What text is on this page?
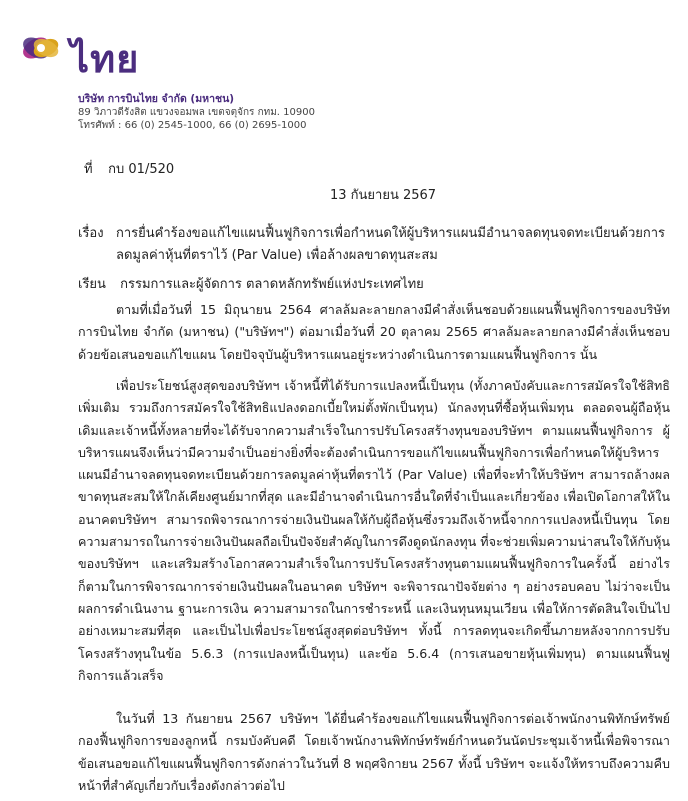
ไทย
บริษัท การบินไทย จำกัด (มหาชน)
89 วิภาวดีรังสิต แขวงจอมพล เขตจตุจักร กทม. 10900
โทรศัพท์ : 66 (0) 2545-1000, 66 (0) 2695-1000
ที่ กบ 01/520
13 กันยายน 2567
เรื่อง การยื่นคำร้องขอแก้ไขแผนฟื้นฟูกิจการเพื่อกำหนดให้ผู้บริหารแผนมีอำนาจลดทุนจดทะเบียนด้วยการลดมูลค่าหุ้นที่ตราไว้ (Par Value) เพื่อล้างผลขาดทุนสะสม
เรียน กรรมการและผู้จัดการ ตลาดหลักทรัพย์แห่งประเทศไทย
ตามที่เมื่อวันที่ 15 มิถุนายน 2564 ศาลล้มละลายกลางมีคำสั่งเห็นชอบด้วยแผนฟื้นฟูกิจการของบริษัท การบินไทย จำกัด (มหาชน) ("บริษัทฯ") ต่อมาเมื่อวันที่ 20 ตุลาคม 2565 ศาลล้มละลายกลางมีคำสั่งเห็นชอบด้วยข้อเสนอขอแก้ไขแผน โดยปัจจุบันผู้บริหารแผนอยู่ระหว่างดำเนินการตามแผนฟื้นฟูกิจการ นั้น
เพื่อประโยชน์สูงสุดของบริษัทฯ เจ้าหนี้ที่ได้รับการแปลงหนี้เป็นทุน (ทั้งภาคบังคับและการสมัครใจใช้สิทธิเพิ่มเติม รวมถึงการสมัครใจใช้สิทธิแปลงดอกเบี้ยใหม่ตั้งพักเป็นทุน) นักลงทุนที่ซื้อหุ้นเพิ่มทุน ตลอดจนผู้ถือหุ้นเดิมและเจ้าหนี้ทั้งหลายที่จะได้รับจากความสำเร็จในการปรับโครงสร้างทุนของบริษัทฯ ตามแผนฟื้นฟูกิจการ ผู้บริหารแผนจึงเห็นว่ามีความจำเป็นอย่างยิ่งที่จะต้องดำเนินการขอแก้ไขแผนฟื้นฟูกิจการเพื่อกำหนดให้ผู้บริหารแผนมีอำนาจลดทุนจดทะเบียนด้วยการลดมูลค่าหุ้นที่ตราไว้ (Par Value) เพื่อที่จะทำให้บริษัทฯ สามารถล้างผลขาดทุนสะสมให้ใกล้เคียงศูนย์มากที่สุด และมีอำนาจดำเนินการอื่นใดที่จำเป็นและเกี่ยวข้อง เพื่อเปิดโอกาสให้ในอนาคตบริษัทฯ สามารถพิจารณาการจ่ายเงินปันผลให้กับผู้ถือหุ้นซึ่งรวมถึงเจ้าหนี้จากการแปลงหนี้เป็นทุน โดยความสามารถในการจ่ายเงินปันผลถือเป็นปัจจัยสำคัญในการดึงดูดนักลงทุน ที่จะช่วยเพิ่มความน่าสนใจให้กับหุ้นของบริษัทฯ และเสริมสร้างโอกาสความสำเร็จในการปรับโครงสร้างทุนตามแผนฟื้นฟูกิจการในครั้งนี้ อย่างไรก็ตามในการพิจารณาการจ่ายเงินปันผลในอนาคต บริษัทฯ จะพิจารณาปัจจัยต่าง ๆ อย่างรอบคอบ ไม่ว่าจะเป็นผลการดำเนินงาน ฐานะการเงิน ความสามารถในการชำระหนี้ และเงินทุนหมุนเวียน เพื่อให้การตัดสินใจเป็นไปอย่างเหมาะสมที่สุด และเป็นไปเพื่อประโยชน์สูงสุดต่อบริษัทฯ ทั้งนี้ การลดทุนจะเกิดขึ้นภายหลังจากการปรับโครงสร้างทุนในข้อ 5.6.3 (การแปลงหนี้เป็นทุน) และข้อ 5.6.4 (การเสนอขายหุ้นเพิ่มทุน) ตามแผนฟื้นฟูกิจการแล้วเสร็จ
ในวันที่ 13 กันยายน 2567 บริษัทฯ ได้ยื่นคำร้องขอแก้ไขแผนฟื้นฟูกิจการต่อเจ้าพนักงานพิทักษ์ทรัพย์กองฟื้นฟูกิจการของลูกหนี้ กรมบังคับคดี โดยเจ้าพนักงานพิทักษ์ทรัพย์กำหนดวันนัดประชุมเจ้าหนี้เพื่อพิจารณาข้อเสนอขอแก้ไขแผนฟื้นฟูกิจการดังกล่าวในวันที่ 8 พฤศจิกายน 2567 ทั้งนี้ บริษัทฯ จะแจ้งให้ทราบถึงความคืบหน้าที่สำคัญเกี่ยวกับเรื่องดังกล่าวต่อไป
